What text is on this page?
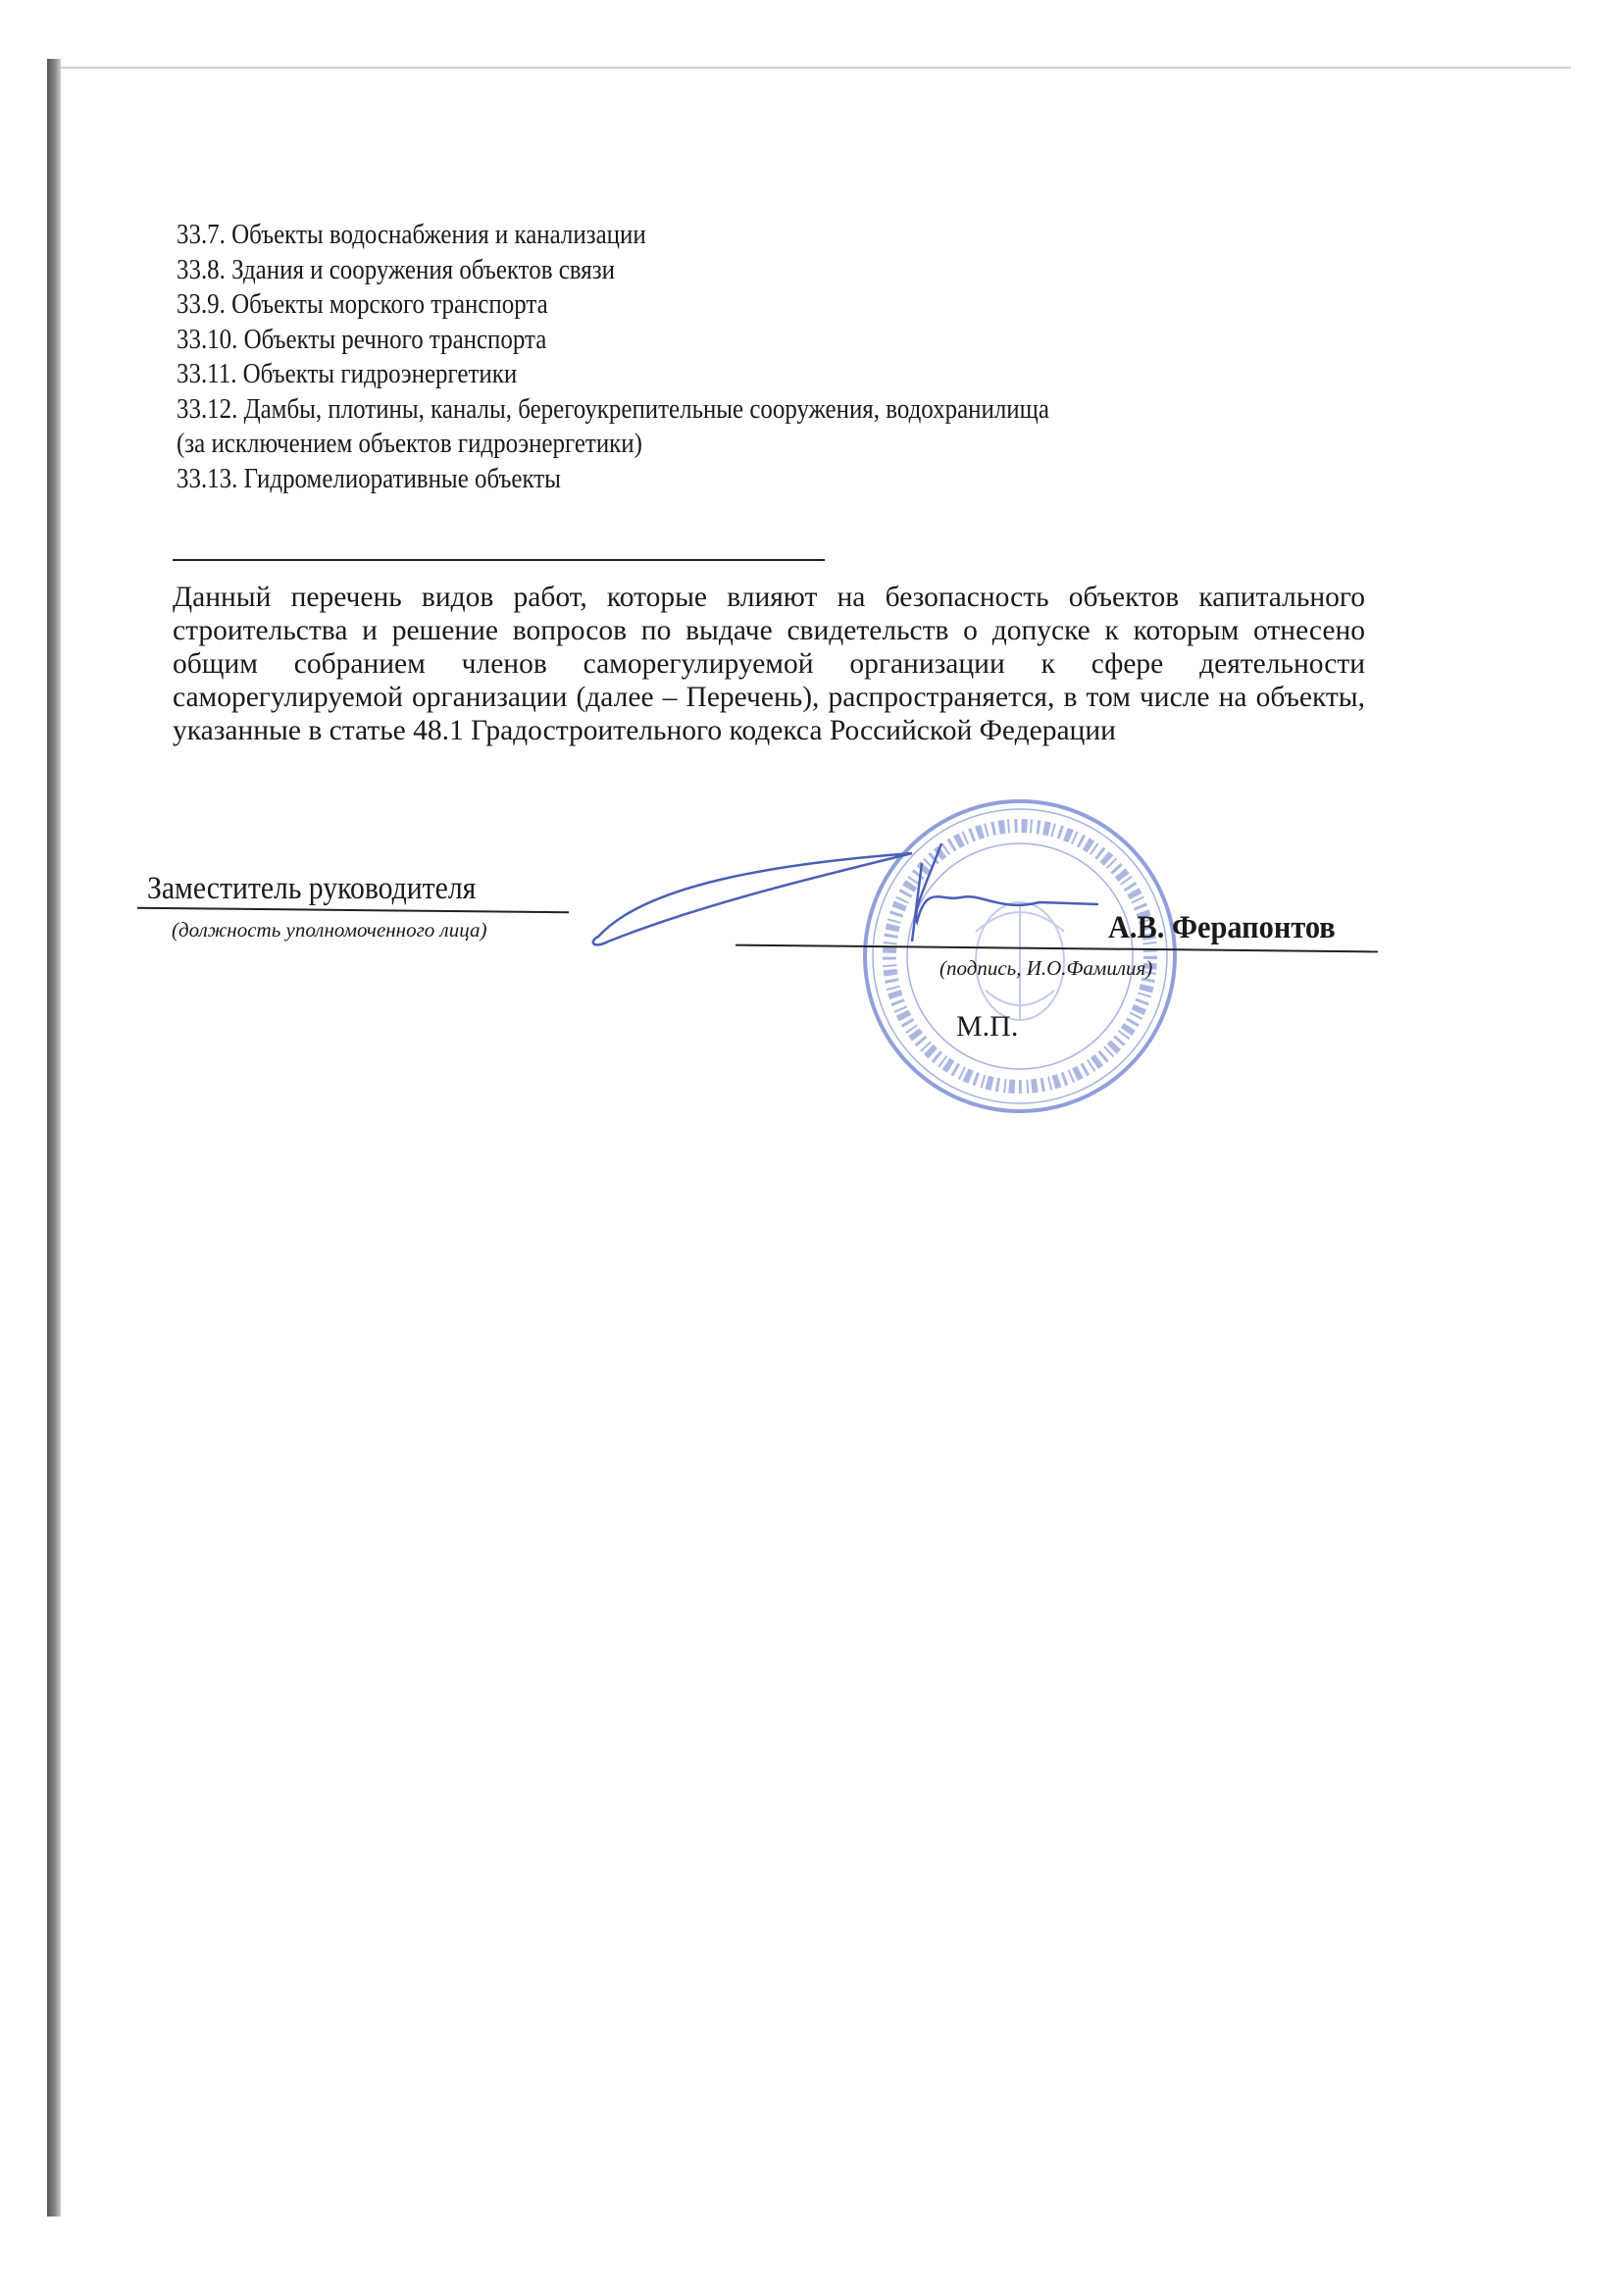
33.7. Объекты водоснабжения и канализации
33.8. Здания и сооружения объектов связи
33.9. Объекты морского транспорта
33.10. Объекты речного транспорта
33.11. Объекты гидроэнергетики
33.12. Дамбы, плотины, каналы, берегоукрепительные сооружения, водохранилища
(за исключением объектов гидроэнергетики)
33.13. Гидромелиоративные объекты
Данный перечень видов работ, которые влияют на безопасность объектов капитального строительства и решение вопросов по выдаче свидетельств о допуске к которым отнесено общим собранием членов саморегулируемой организации к сфере деятельности саморегулируемой организации (далее – Перечень), распространяется, в том числе на объекты, указанные в статье 48.1 Градостроительного кодекса Российской Федерации
Заместитель руководителя
(должность уполномоченного лица)	А.В. Ферапонтов
(подпись, И.О.Фамилия)
М.П.
